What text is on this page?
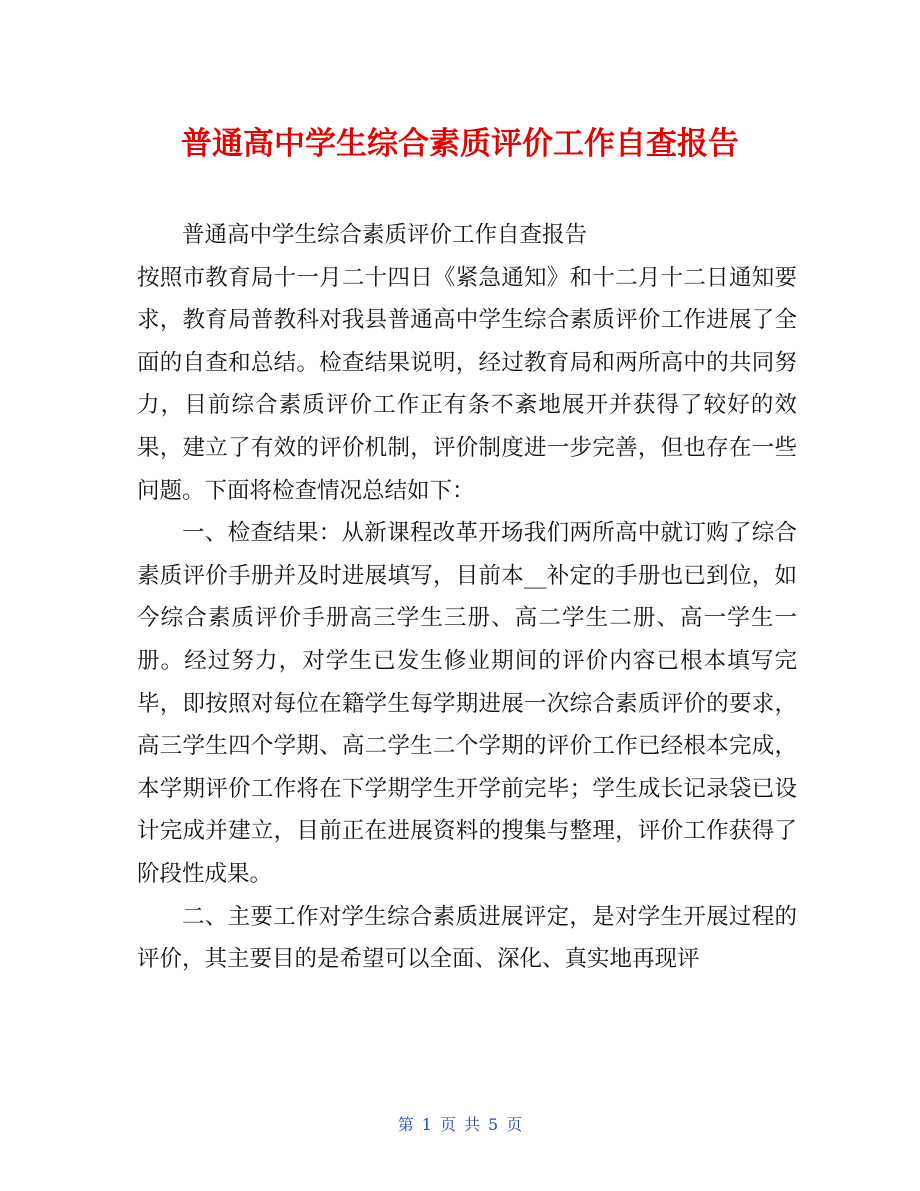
普通高中学生综合素质评价工作自查报告

普通高中学生综合素质评价工作自查报告

按照市教育局十一月二十四日《紧急通知》和十二月十二日通知要求，教育局普教科对我县普通高中学生综合素质评价工作进展了全面的自查和总结。检查结果说明，经过教育局和两所高中的共同努力，目前综合素质评价工作正有条不紊地展开并获得了较好的效果，建立了有效的评价机制，评价制度进一步完善，但也存在一些问题。下面将检查情况总结如下：

一、检查结果：从新课程改革开场我们两所高中就订购了综合素质评价手册并及时进展填写，目前本__补定的手册也已到位，如今综合素质评价手册高三学生三册、高二学生二册、高一学生一册。经过努力，对学生已发生修业期间的评价内容已根本填写完毕，即按照对每位在籍学生每学期进展一次综合素质评价的要求，高三学生四个学期、高二学生二个学期的评价工作已经根本完成，本学期评价工作将在下学期学生开学前完毕；学生成长记录袋已设计完成并建立，目前正在进展资料的搜集与整理，评价工作获得了阶段性成果。

二、主要工作对学生综合素质进展评定，是对学生开展过程的评价，其主要目的是希望可以全面、深化、真实地再现评

第 1 页 共 5 页
